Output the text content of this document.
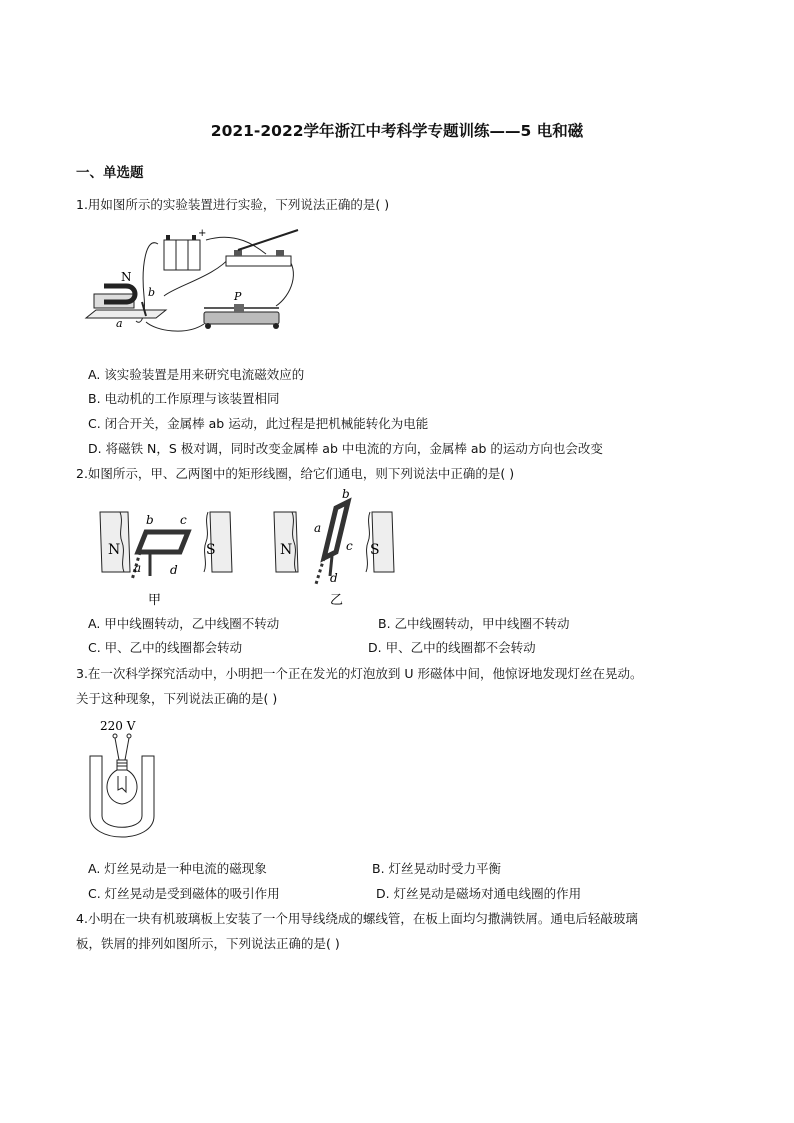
2021-2022学年浙江中考科学专题训练——5 电和磁
一、单选题
1.用如图所示的实验装置进行实验，下列说法正确的是( )
+
N
b
a
P
A. 该实验装置是用来研究电流磁效应的
B. 电动机的工作原理与该装置相同
C. 闭合开关，金属棒 ab 运动，此过程是把机械能转化为电能
D. 将磁铁 N，S 极对调，同时改变金属棒 ab 中电流的方向，金属棒 ab 的运动方向也会改变
2.如图所示，甲、乙两图中的矩形线圈，给它们通电，则下列说法中正确的是( )
N	S
b c
a d
甲
N	S
b
a
c
d
乙
A. 甲中线圈转动，乙中线圈不转动	B. 乙中线圈转动，甲中线圈不转动
C. 甲、乙中的线圈都会转动	D. 甲、乙中的线圈都不会转动
3.在一次科学探究活动中，小明把一个正在发光的灯泡放到 U 形磁体中间，他惊讶地发现灯丝在晃动。
关于这种现象，下列说法正确的是( )
220 V
A. 灯丝晃动是一种电流的磁现象	B. 灯丝晃动时受力平衡
C. 灯丝晃动是受到磁体的吸引作用	D. 灯丝晃动是磁场对通电线圈的作用
4.小明在一块有机玻璃板上安装了一个用导线绕成的螺线管，在板上面均匀撒满铁屑。通电后轻敲玻璃
板，铁屑的排列如图所示，下列说法正确的是( )
